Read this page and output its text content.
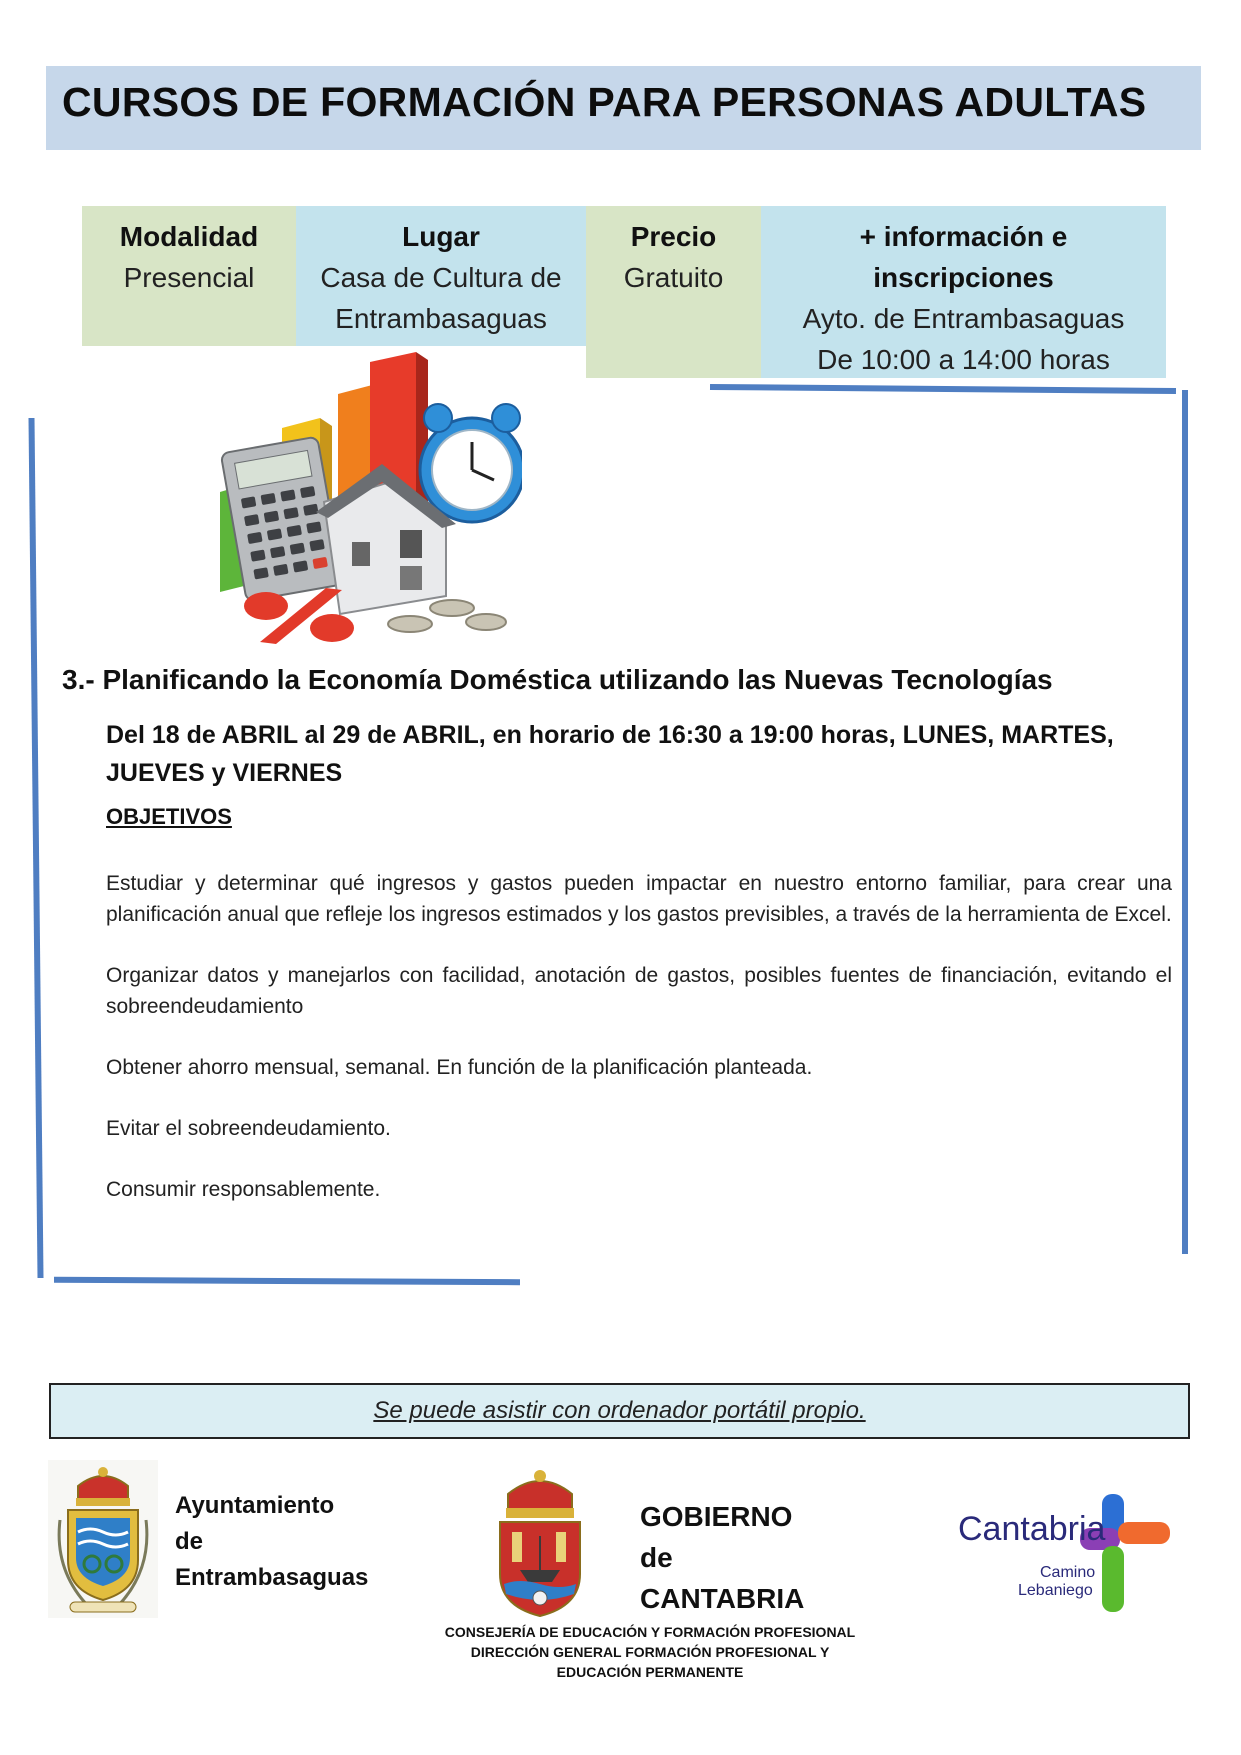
CURSOS DE FORMACIÓN PARA PERSONAS ADULTAS
Modalidad
Presencial
Lugar
Casa de Cultura de
Entrambasaguas
Precio
Gratuito
+ información e
inscripciones
Ayto. de Entrambasaguas
De 10:00 a 14:00 horas
3.- Planificando la Economía Doméstica utilizando las Nuevas Tecnologías
Del 18 de ABRIL al 29 de ABRIL, en horario de 16:30 a 19:00 horas, LUNES, MARTES, JUEVES y VIERNES
OBJETIVOS

Estudiar y determinar qué ingresos y gastos pueden impactar en nuestro entorno familiar, para crear una planificación anual que refleje los ingresos estimados y los gastos previsibles, a través de la herramienta de Excel.

Organizar datos y manejarlos con facilidad, anotación de gastos, posibles fuentes de financiación, evitando el sobreendeudamiento

Obtener ahorro mensual, semanal. En función de la planificación planteada.

Evitar el sobreendeudamiento.

Consumir responsablemente.

Se puede asistir con ordenador portátil propio.
Ayuntamiento
de
Entrambasaguas
GOBIERNO
de
CANTABRIA
CONSEJERÍA DE EDUCACIÓN Y FORMACIÓN PROFESIONAL
DIRECCIÓN GENERAL FORMACIÓN PROFESIONAL Y
EDUCACIÓN PERMANENTE
Cantabria
Camino
Lebaniego
